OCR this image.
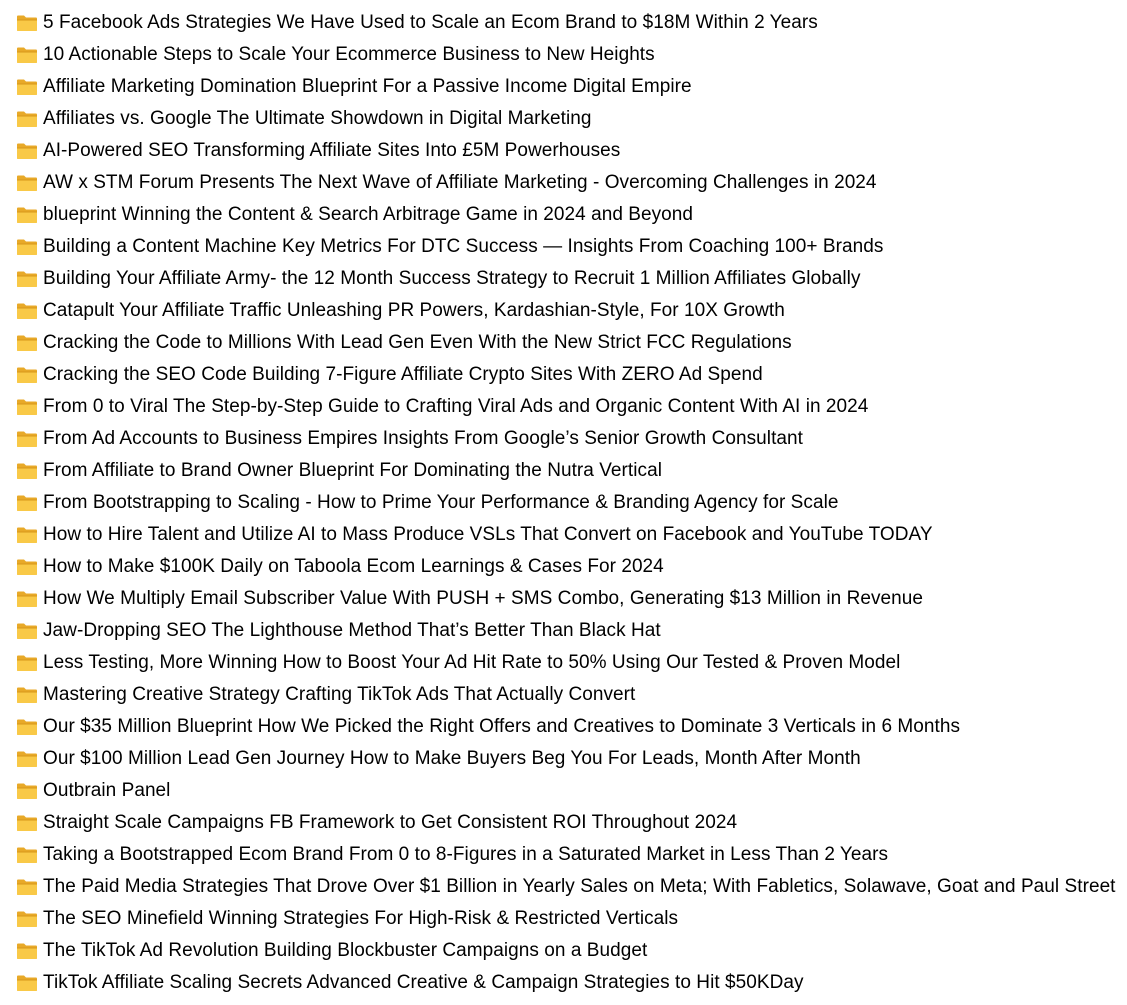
5 Facebook Ads Strategies We Have Used to Scale an Ecom Brand to $18M Within 2 Years
10 Actionable Steps to Scale Your Ecommerce Business to New Heights
Affiliate Marketing Domination Blueprint For a Passive Income Digital Empire
Affiliates vs. Google The Ultimate Showdown in Digital Marketing
AI-Powered SEO Transforming Affiliate Sites Into £5M Powerhouses
AW x STM Forum Presents The Next Wave of Affiliate Marketing - Overcoming Challenges in 2024
blueprint Winning the Content & Search Arbitrage Game in 2024 and Beyond
Building a Content Machine Key Metrics For DTC Success — Insights From Coaching 100+ Brands
Building Your Affiliate Army- the 12 Month Success Strategy to Recruit 1 Million Affiliates Globally
Catapult Your Affiliate Traffic Unleashing PR Powers, Kardashian-Style, For 10X Growth
Cracking the Code to Millions With Lead Gen Even With the New Strict FCC Regulations
Cracking the SEO Code Building 7-Figure Affiliate Crypto Sites With ZERO Ad Spend
From 0 to Viral The Step-by-Step Guide to Crafting Viral Ads and Organic Content With AI in 2024
From Ad Accounts to Business Empires Insights From Google’s Senior Growth Consultant
From Affiliate to Brand Owner Blueprint For Dominating the Nutra Vertical
From Bootstrapping to Scaling - How to Prime Your Performance & Branding Agency for Scale
How to Hire Talent and Utilize AI to Mass Produce VSLs That Convert on Facebook and YouTube TODAY
How to Make $100K Daily on Taboola Ecom Learnings & Cases For 2024
How We Multiply Email Subscriber Value With PUSH + SMS Combo, Generating $13 Million in Revenue
Jaw-Dropping SEO The Lighthouse Method That’s Better Than Black Hat
Less Testing, More Winning How to Boost Your Ad Hit Rate to 50% Using Our Tested & Proven Model
Mastering Creative Strategy Crafting TikTok Ads That Actually Convert
Our $35 Million Blueprint How We Picked the Right Offers and Creatives to Dominate 3 Verticals in 6 Months
Our $100 Million Lead Gen Journey How to Make Buyers Beg You For Leads, Month After Month
Outbrain Panel
Straight Scale Campaigns FB Framework to Get Consistent ROI Throughout 2024
Taking a Bootstrapped Ecom Brand From 0 to 8-Figures in a Saturated Market in Less Than 2 Years
The Paid Media Strategies That Drove Over $1 Billion in Yearly Sales on Meta; With Fabletics, Solawave, Goat and Paul Street
The SEO Minefield Winning Strategies For High-Risk & Restricted Verticals
The TikTok Ad Revolution Building Blockbuster Campaigns on a Budget
TikTok Affiliate Scaling Secrets Advanced Creative & Campaign Strategies to Hit $50KDay
